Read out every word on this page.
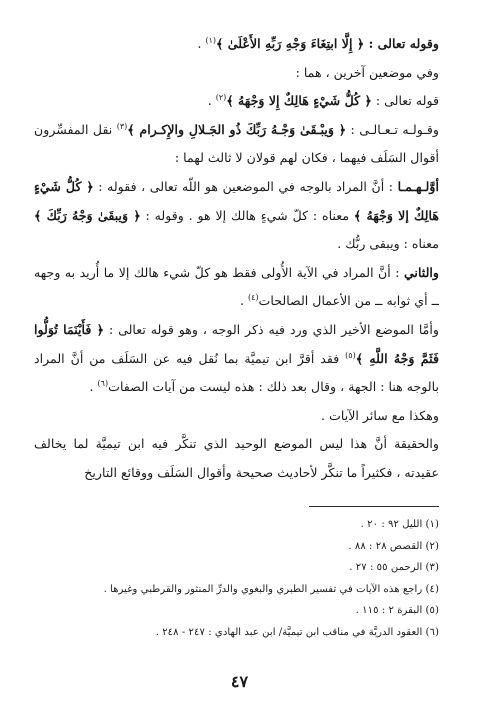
وقوله تعالى : ﴿ إِلَّا ابتِغَاءَ وَجْهِ رَبِّهِ الأَعْلَىٰ ﴾$^{(١)}$ .

وفي موضعين آخرين ، هما :

قوله تعالى : ﴿ كُلُّ شَيْءٍ هَالِكٌ إِلا وَجْهَهُ ﴾$^{(٢)}$ .

وقـولـه تـعـالـى : ﴿ وَيبْـقَىٰ وَجْـهُ رَبِّكَ ذُو الجَـلالِ والإِكـرام ﴾$^{(٣)}$ نقل المفسِّرون أقوال السَلَف فيهما ، فكان لهم قولان لا ثالث لهما :

أوَّلـهـمـا : أنَّ المراد بالوجه في الموضعين هو اللّه تعالى ، فقوله : ﴿ كُلُّ شَيْءٍ هَالِكٌ إلا وَجْهَهُ ﴾ معناه : كلّ شيءٍ هالك إلا هو . وقوله : ﴿ وَيبقَىٰ وَجْهُ رَبِّكَ ﴾ معناه : ويبقى ربُّك .

والثاني : أنَّ المراد في الآية الأُولى فقط هو كلّ شيء هالك إلا ما أُريد به وجهه ــ أي ثوابه ــ من الأعمال الصالحات$^{(٤)}$ .

وأمَّا الموضع الأخير الذي ورد فيه ذكر الوجه ، وهو قوله تعالى : ﴿ فَأَيْنَمَا تُوَلُّوا فَثَمَّ وَجْهُ اللَّهِ ﴾$^{(٥)}$ فقد أقرَّ ابن تيميَّة بما نُقل فيه عن السَلَف من أنَّ المراد بالوجه هنا : الجهة ، وقال بعد ذلك : هذه ليست من آيات الصفات$^{(٦)}$ .

وهكذا مع سائر الآيات .

والحقيقة أنَّ هذا ليس الموضع الوحيد الذي تنكَّر فيه ابن تيميَّة لما يخالف عقيدته ، فكثيراً ما تنكَّر لأحاديث صحيحة وأقوال السَلَف ووقائع التاريخ

(١) الليل ٩٢ : ٢٠ .

(٢) القصص ٢٨ : ٨٨ .

(٣) الرحمن ٥٥ : ٢٧ .

(٤) راجع هذه الآيات في تفسير الطبري والبغوي والدرِّ المنثور والقرطبي وغيرها .

(٥) البقرة ٢ : ١١٥ .

(٦) العقود الدريَّة في مناقب ابن تيميَّة/ ابن عبد الهادي : ٢٤٧ - ٢٤٨ .

٤٧
